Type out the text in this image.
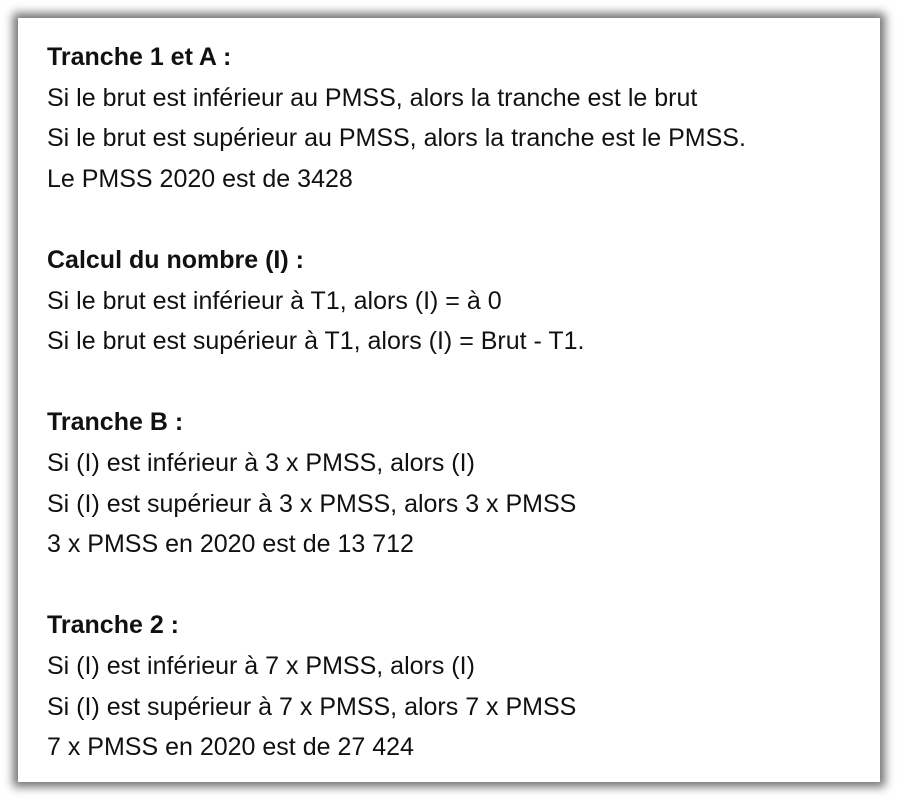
Tranche 1 et A :
Si le brut est inférieur au PMSS, alors la tranche est le brut
Si le brut est supérieur au PMSS, alors la tranche est le PMSS.
Le PMSS 2020 est de 3428
Calcul du nombre (I) :
Si le brut est inférieur à T1, alors (I) = à 0
Si le brut est supérieur à T1, alors (I) = Brut - T1.
Tranche B :
Si (I) est inférieur à 3 x PMSS, alors (I)
Si (I) est supérieur à 3 x PMSS, alors 3 x PMSS
3 x PMSS en 2020 est de 13 712
Tranche 2 :
Si (I) est inférieur à 7 x PMSS, alors (I)
Si (I) est supérieur à 7 x PMSS, alors 7 x PMSS
7 x PMSS en 2020 est de 27 424
